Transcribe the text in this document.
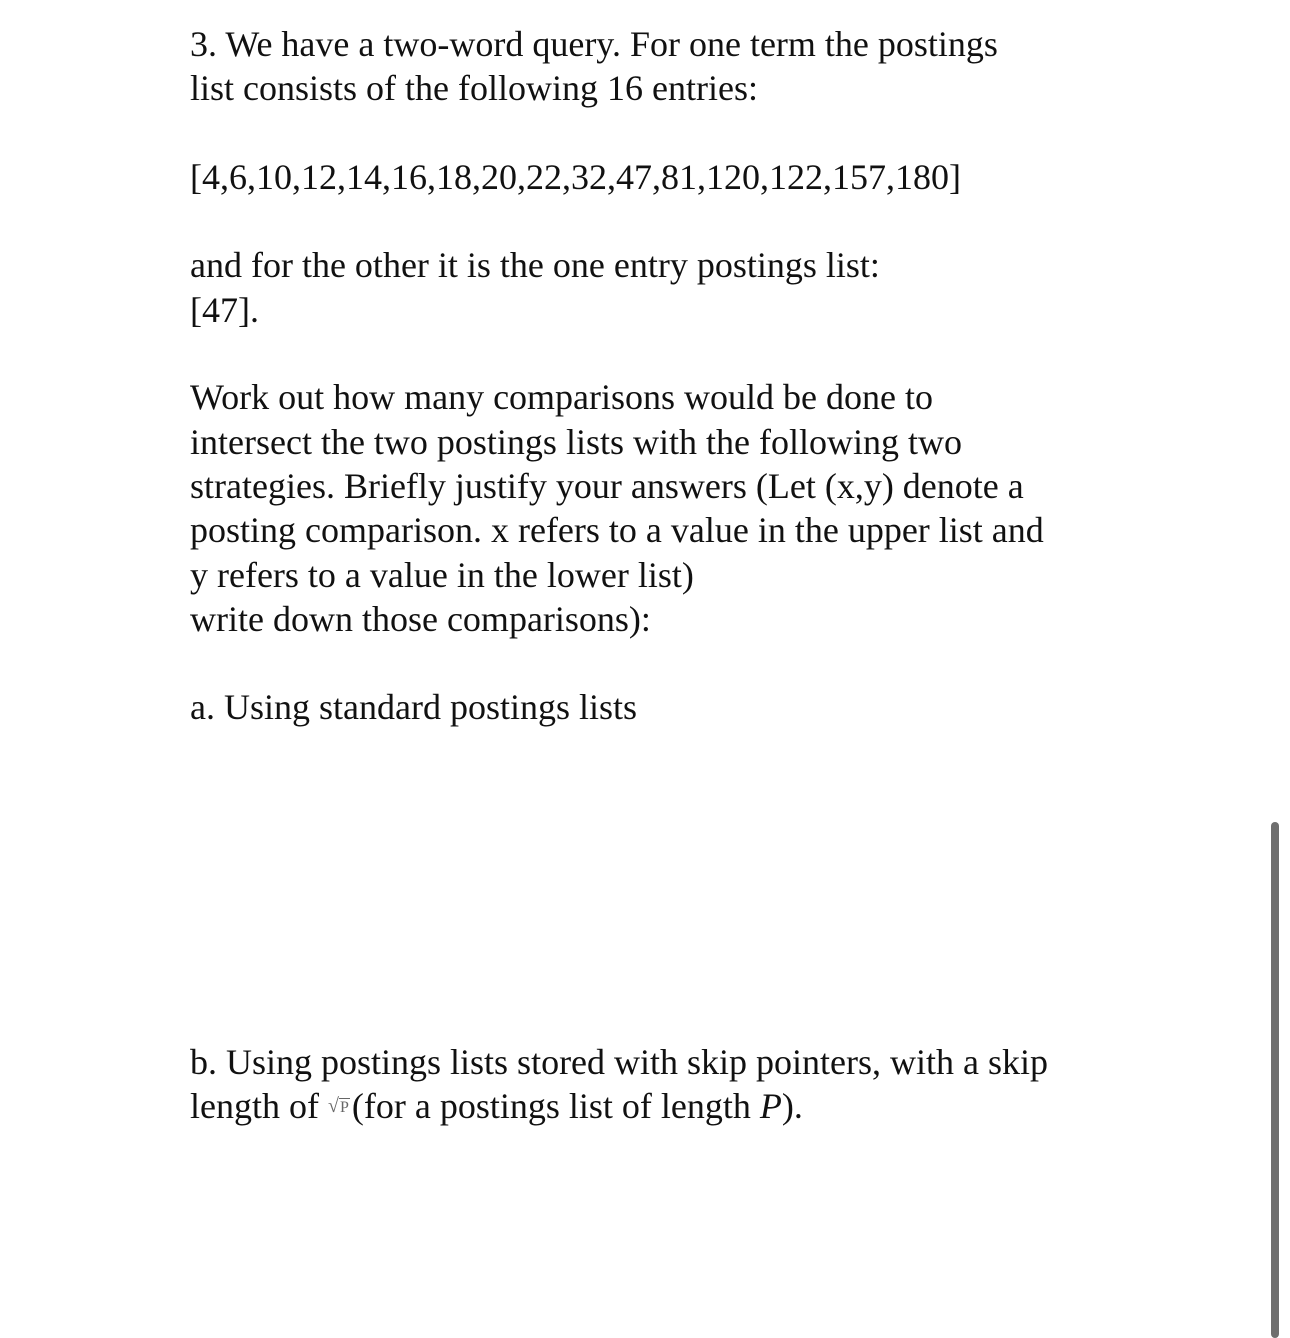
3. We have a two-word query. For one term the postings

list consists of the following 16 entries:

[4,6,10,12,14,16,18,20,22,32,47,81,120,122,157,180]

and for the other it is the one entry postings list:

[47].

Work out how many comparisons would be done to

intersect the two postings lists with the following two

strategies. Briefly justify your answers (Let (x,y) denote a

posting comparison. x refers to a value in the upper list and

y refers to a value in the lower list)

write down those comparisons):

a. Using standard postings lists

b. Using postings lists stored with skip pointers, with a skip

length of √P(for a postings list of length P).
